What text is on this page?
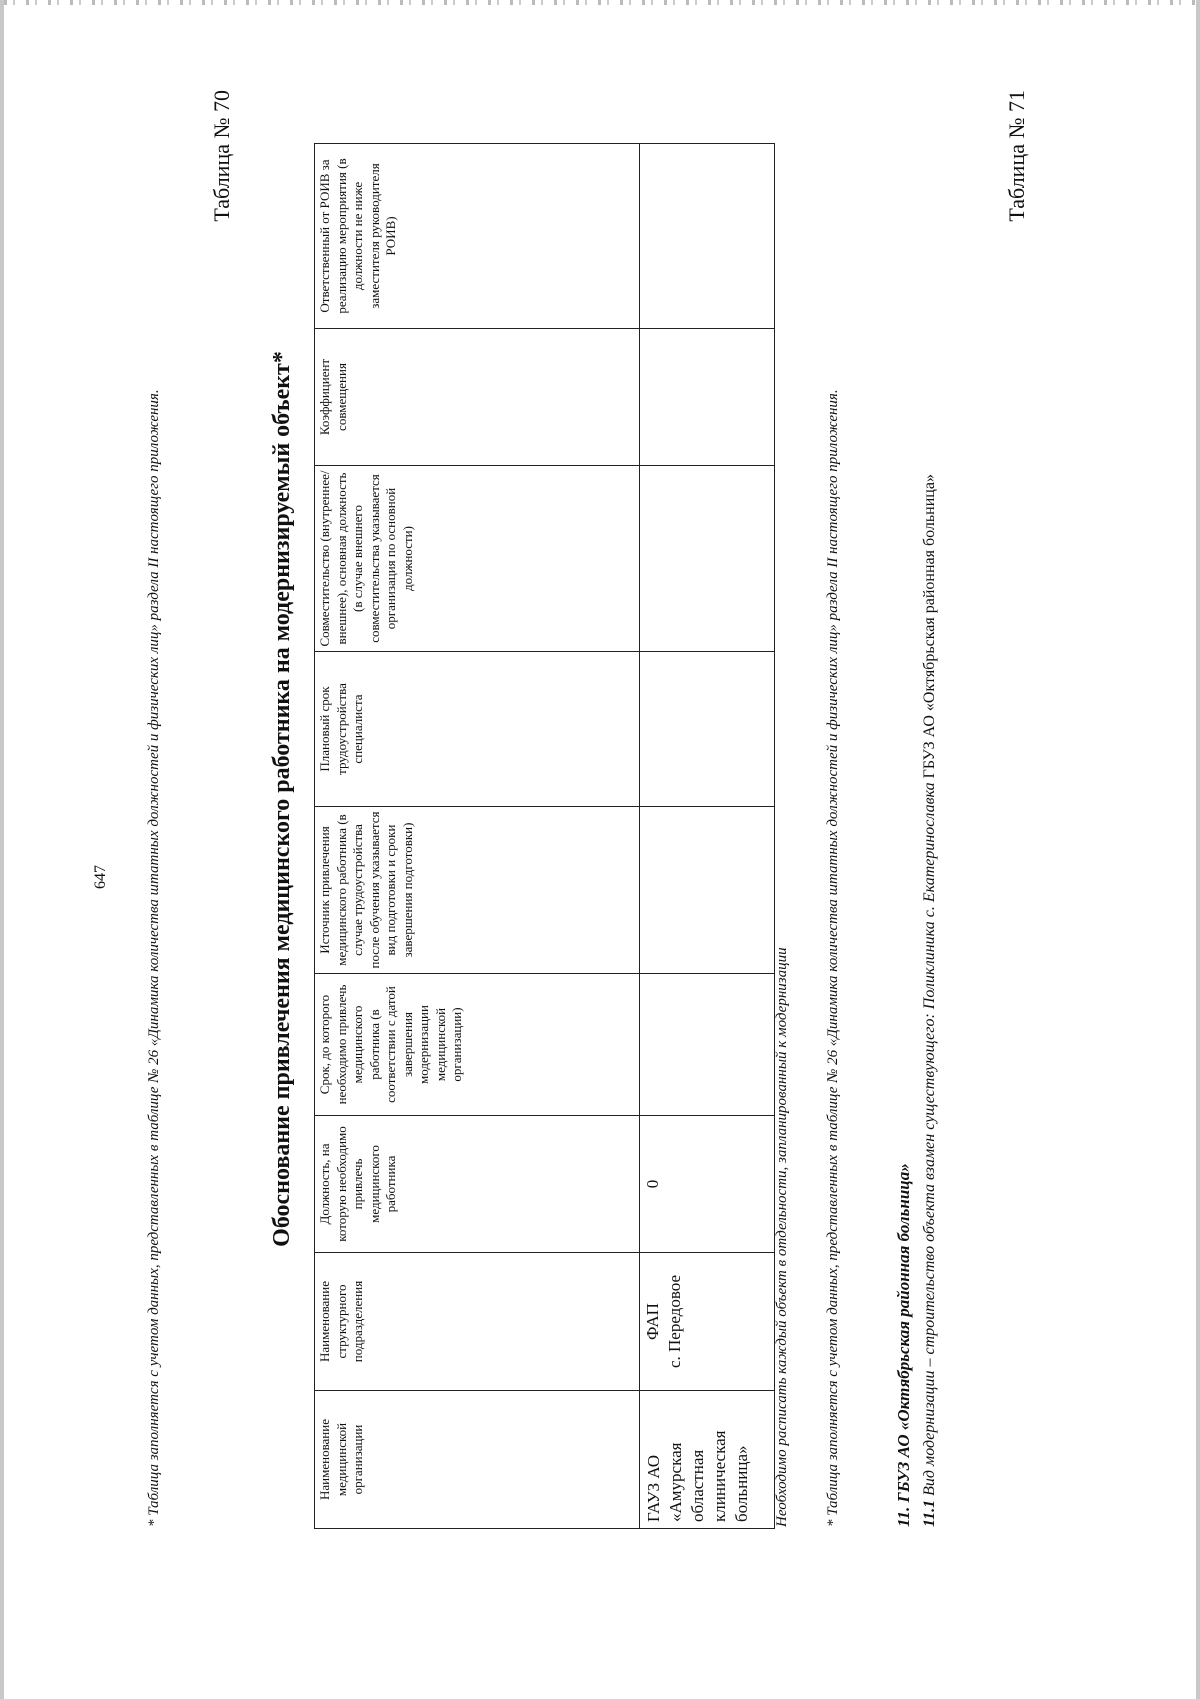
647	* Таблица заполняется с учетом данных, представленных в таблице № 26 «Динамика количества штатных должностей и физических лиц» раздела II настоящего приложения.
Таблица № 70
Обоснование привлечения медицинского работника на модернизируемый объект*
Наименование медицинской организации	Наименование структурного подразделения	Должность, на которую необходимо привлечь медицинского работника	Срок, до которого необходимо привлечь медицинского работника (в соответствии с датой завершения модернизации медицинской организации)	Источник привлечения медицинского работника (в случае трудоустройства после обучения указывается вид подготовки и сроки завершения подготовки)	Плановый срок трудоустройства специалиста	Совместительство (внутреннее/внешнее), основная должность (в случае внешнего совместительства указывается организация по основной должности)	Коэффициент совмещения	Ответственный от РОИВ за реализацию мероприятия (в должности не ниже заместителя руководителя РОИВ)
ГАУЗ АО «Амурская областная клиническая больница»	ФАП с. Передовое	0							Необходимо расписать каждый объект в отдельности, запланированный к модернизации	* Таблица заполняется с учетом данных, представленных в таблице № 26 «Динамика количества штатных должностей и физических лиц» раздела II настоящего приложения.	11. ГБУЗ АО «Октябрьская районная больница» 11.1 Вид модернизации – строительство объекта взамен существующего: Поликлиника с. Екатеринославка ГБУЗ АО «Октябрьская районная больница»
Таблица № 71
